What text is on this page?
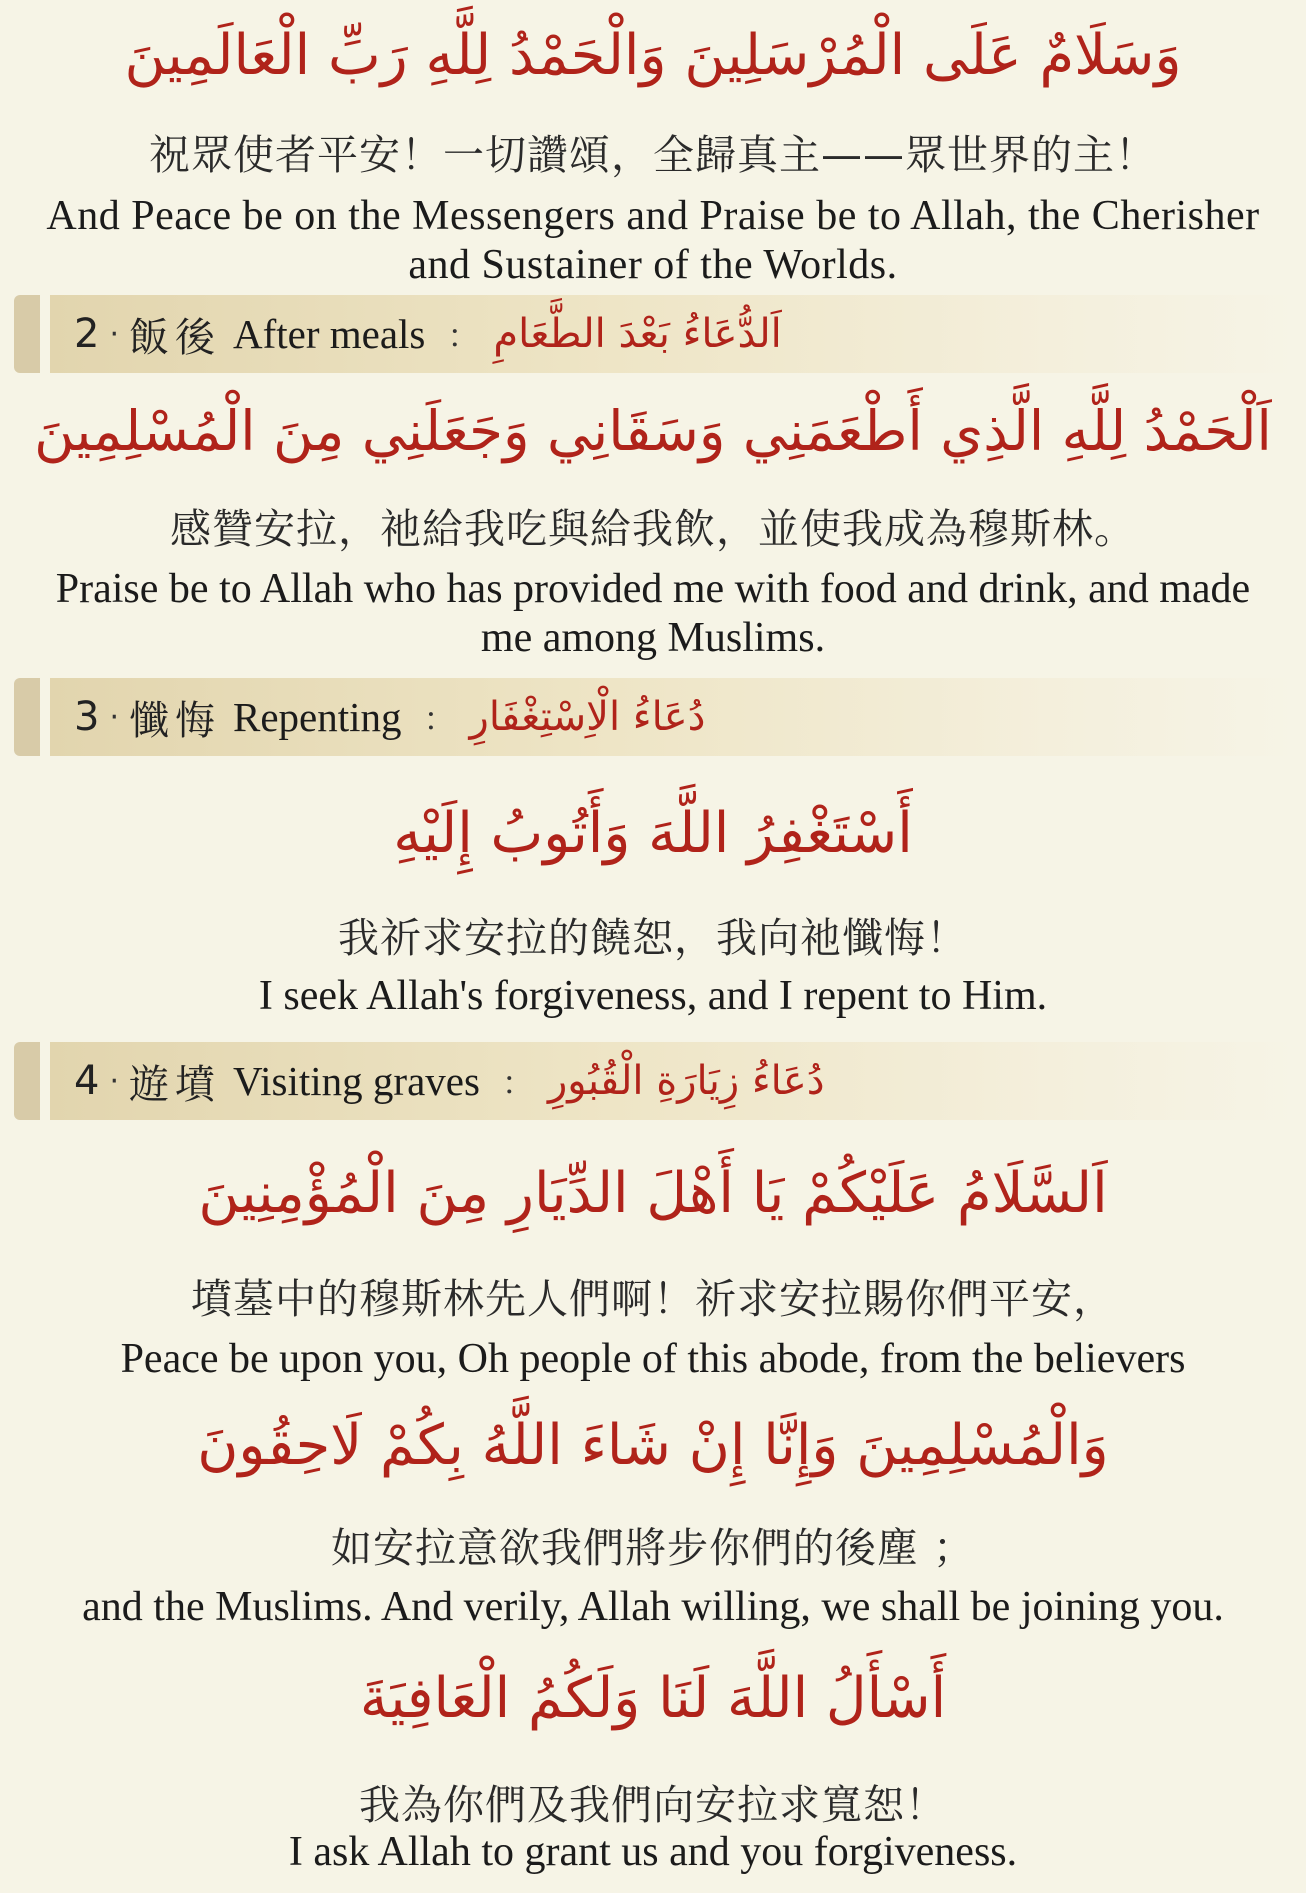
وَسَلَامٌ عَلَى الْمُرْسَلِينَ وَالْحَمْدُ لِلَّهِ رَبِّ الْعَالَمِينَ
祝眾使者平安！一切讚頌，全歸真主——眾世界的主！
And Peace be on the Messengers and Praise be to Allah, the Cherisher and Sustainer of the Worlds.
2 · 飯後 After meals ： اَلدُّعَاءُ بَعْدَ الطَّعَامِ
اَلْحَمْدُ لِلَّهِ الَّذِي أَطْعَمَنِي وَسَقَانِي وَجَعَلَنِي مِنَ الْمُسْلِمِينَ
感贊安拉，祂給我吃與給我飲，並使我成為穆斯林。
Praise be to Allah who has provided me with food and drink, and made me among Muslims.
3 · 懺悔 Repenting ： دُعَاءُ الْاِسْتِغْفَارِ
أَسْتَغْفِرُ اللَّهَ وَأَتُوبُ إِلَيْهِ
我祈求安拉的饒恕，我向祂懺悔！
I seek Allah's forgiveness, and I repent to Him.
4 · 遊墳 Visiting graves ： دُعَاءُ زِيَارَةِ الْقُبُورِ
اَلسَّلَامُ عَلَيْكُمْ يَا أَهْلَ الدِّيَارِ مِنَ الْمُؤْمِنِينَ
墳墓中的穆斯林先人們啊！祈求安拉賜你們平安，
Peace be upon you, Oh people of this abode, from the believers
وَالْمُسْلِمِينَ وَإِنَّا إِنْ شَاءَ اللَّهُ بِكُمْ لَاحِقُونَ
如安拉意欲我們將步你們的後塵 ；
and the Muslims. And verily, Allah willing, we shall be joining you.
أَسْأَلُ اللَّهَ لَنَا وَلَكُمُ الْعَافِيَةَ
我為你們及我們向安拉求寬恕！
I ask Allah to grant us and you forgiveness.
